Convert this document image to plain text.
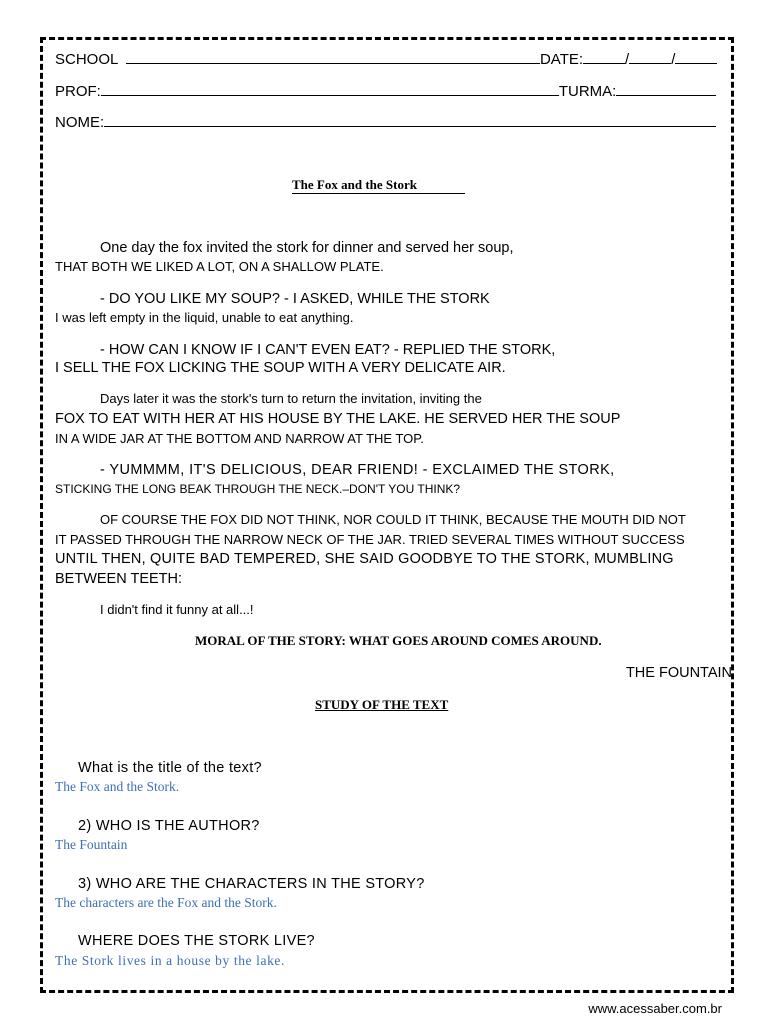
SCHOOL	DATE:	/	/
PROF:	TURMA:
NOME:
The Fox and the Stork
One day the fox invited the stork for dinner and served her soup,
THAT BOTH WE LIKED A LOT, ON A SHALLOW PLATE.
- DO YOU LIKE MY SOUP? - I ASKED, WHILE THE STORK
I was left empty in the liquid, unable to eat anything.
- HOW CAN I KNOW IF I CAN'T EVEN EAT? - REPLIED THE STORK,
I SELL THE FOX LICKING THE SOUP WITH A VERY DELICATE AIR.
Days later it was the stork's turn to return the invitation, inviting the
FOX TO EAT WITH HER AT HIS HOUSE BY THE LAKE. HE SERVED HER THE SOUP
IN A WIDE JAR AT THE BOTTOM AND NARROW AT THE TOP.
- YUMMMM, IT'S DELICIOUS, DEAR FRIEND! - EXCLAIMED THE STORK,
STICKING THE LONG BEAK THROUGH THE NECK.–DON'T YOU THINK?
OF COURSE THE FOX DID NOT THINK, NOR COULD IT THINK, BECAUSE THE MOUTH DID NOT
IT PASSED THROUGH THE NARROW NECK OF THE JAR. TRIED SEVERAL TIMES WITHOUT SUCCESS
UNTIL THEN, QUITE BAD TEMPERED, SHE SAID GOODBYE TO THE STORK, MUMBLING
BETWEEN TEETH:
I didn't find it funny at all...!
MORAL OF THE STORY: WHAT GOES AROUND COMES AROUND.
THE FOUNTAIN
STUDY OF THE TEXT
What is the title of the text?
The Fox and the Stork.
2) WHO IS THE AUTHOR?
The Fountain
3) WHO ARE THE CHARACTERS IN THE STORY?
The characters are the Fox and the Stork.
WHERE DOES THE STORK LIVE?
The Stork lives in a house by the lake.
www.acessaber.com.br
